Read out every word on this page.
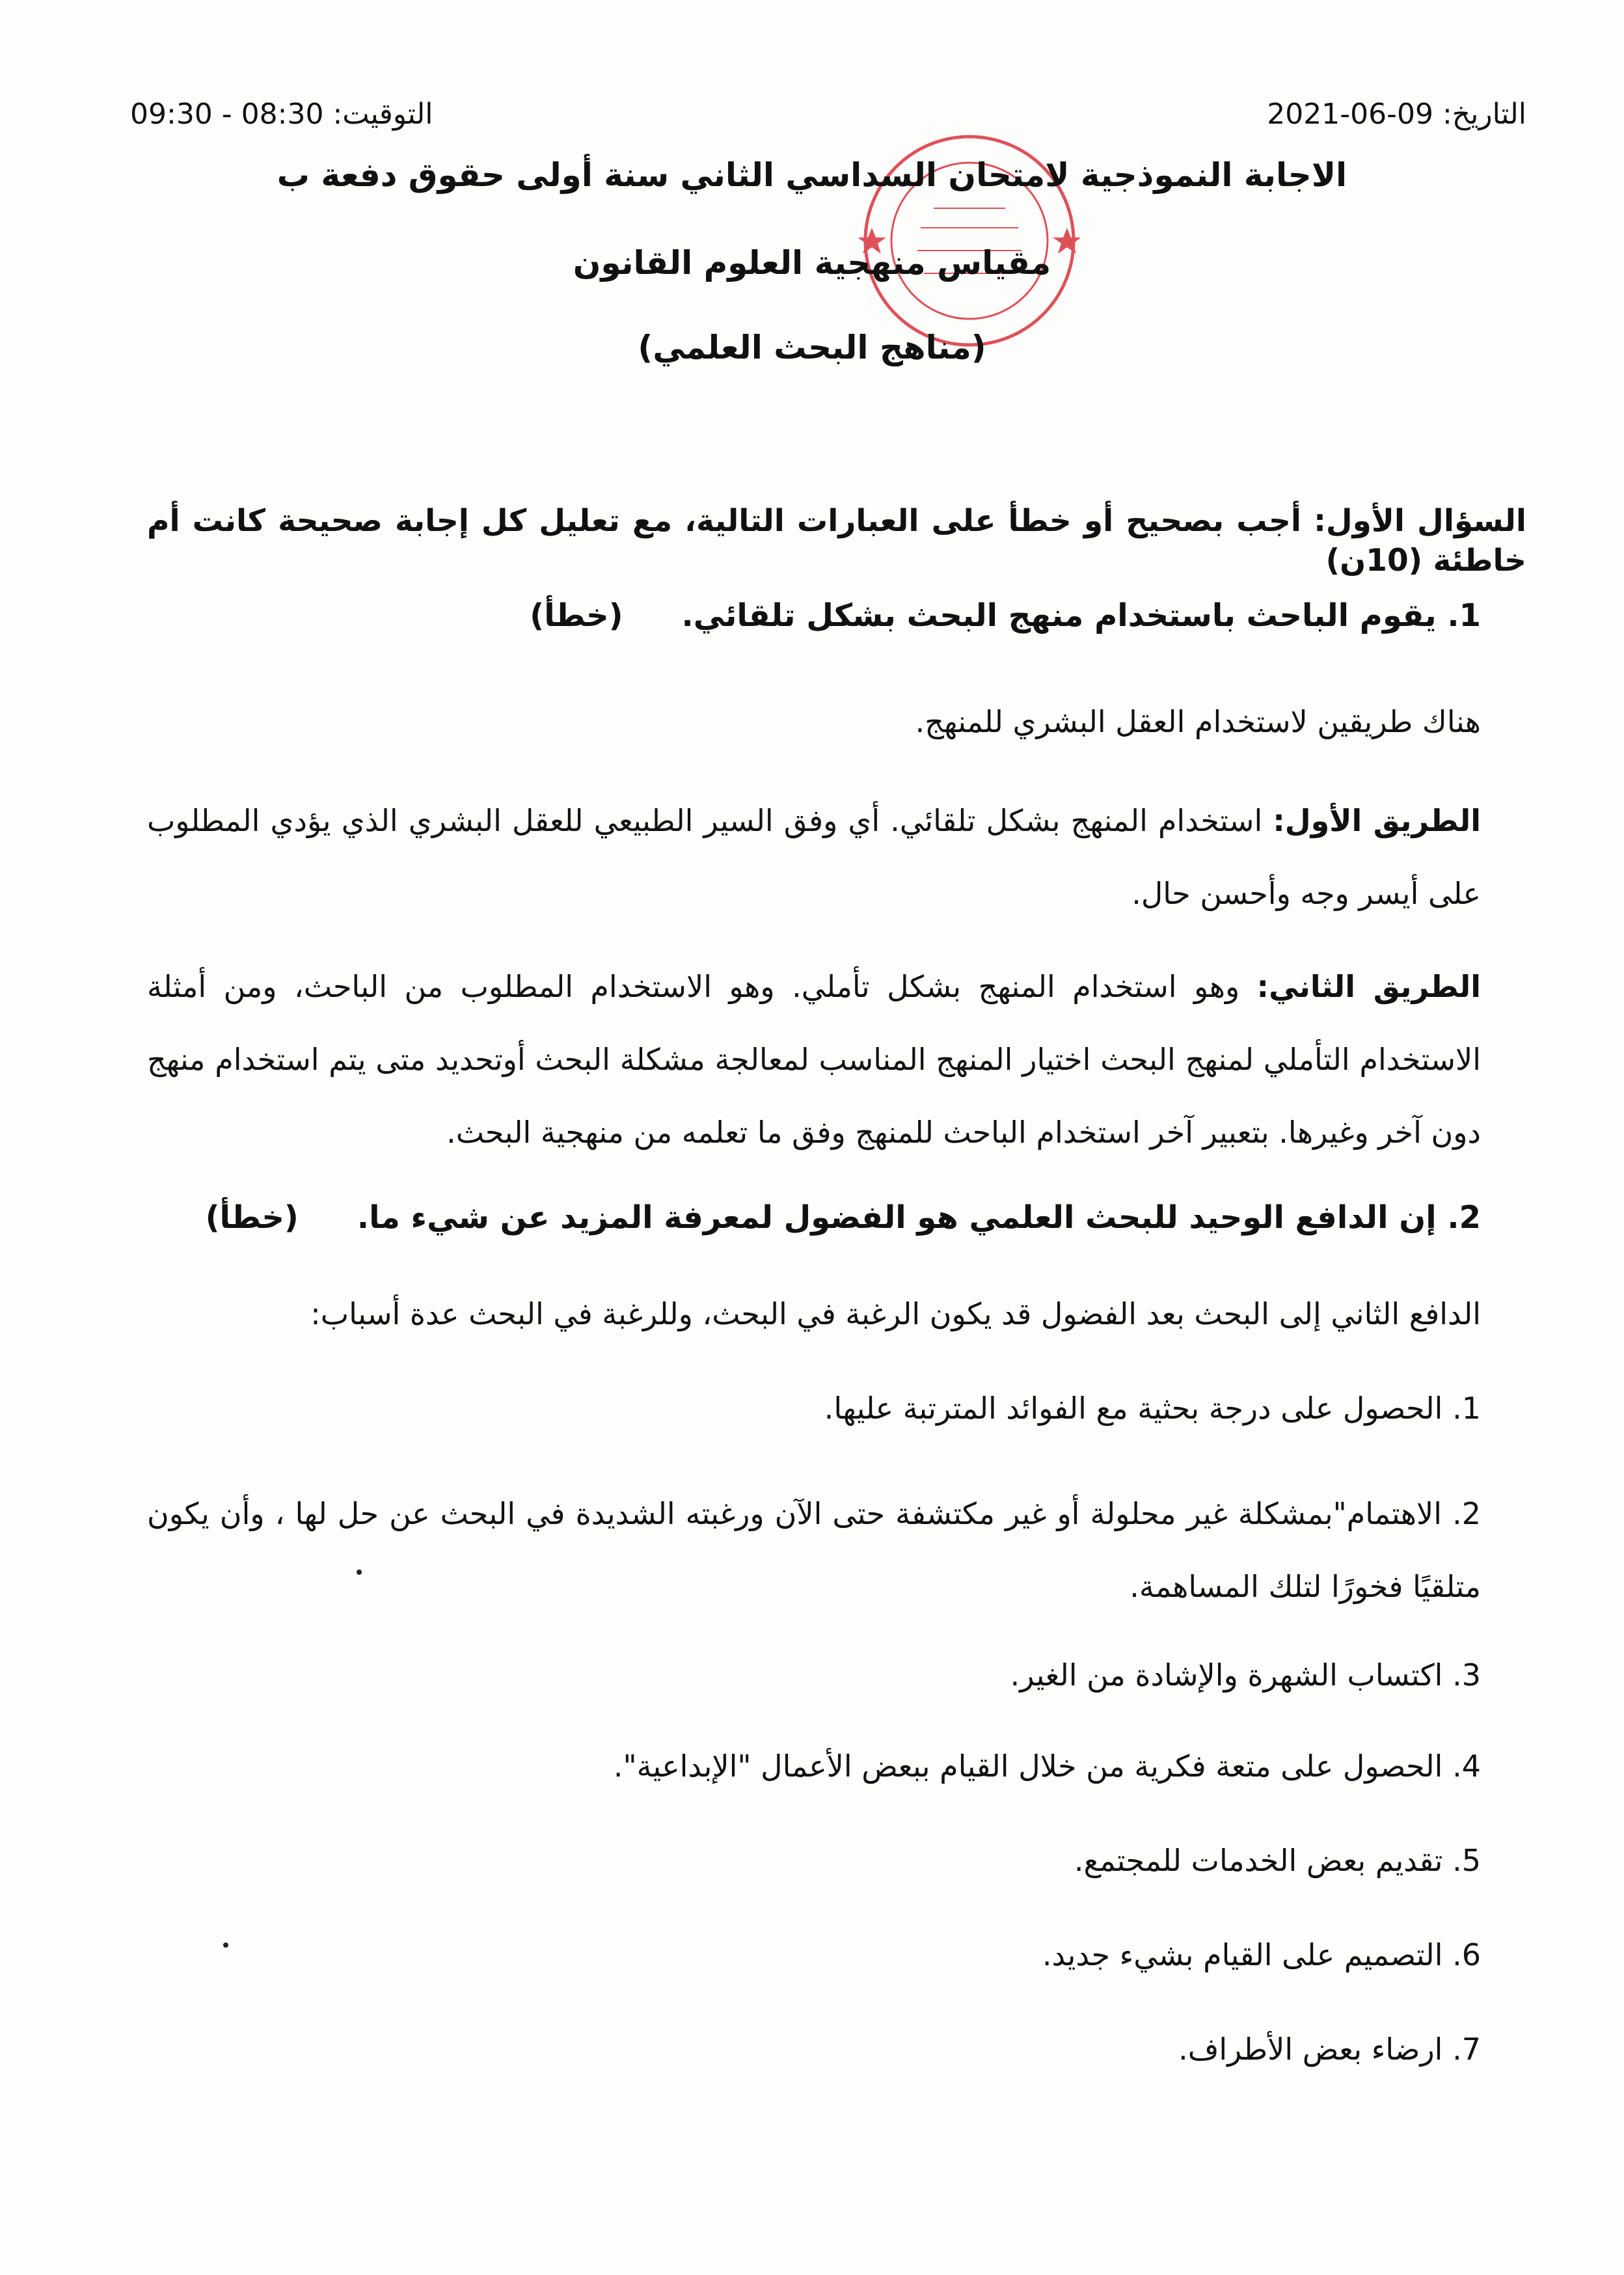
التاريخ: 09-06-2021
التوقيت: 08:30 - 09:30
الاجابة النموذجية لامتحان السداسي الثاني سنة أولى حقوق دفعة ب
مقياس منهجية العلوم القانون
(مناهج البحث العلمي)
السؤال الأول: أجب بصحيح أو خطأ على العبارات التالية، مع تعليل كل إجابة صحيحة كانت أم خاطئة (10ن)
1. يقوم الباحث باستخدام منهج البحث بشكل تلقائي.(خطأ)
هناك طريقين لاستخدام العقل البشري للمنهج.
الطريق الأول: استخدام المنهج بشكل تلقائي. أي وفق السير الطبيعي للعقل البشري الذي يؤدي المطلوب على أيسر وجه وأحسن حال.
الطريق الثاني: وهو استخدام المنهج بشكل تأملي. وهو الاستخدام المطلوب من الباحث، ومن أمثلة الاستخدام التأملي لمنهج البحث اختيار المنهج المناسب لمعالجة مشكلة البحث أوتحديد متى يتم استخدام منهج دون آخر وغيرها. بتعبير آخر استخدام الباحث للمنهج وفق ما تعلمه من منهجية البحث.
2. إن الدافع الوحيد للبحث العلمي هو الفضول لمعرفة المزيد عن شيء ما.(خطأ)
الدافع الثاني إلى البحث بعد الفضول قد يكون الرغبة في البحث، وللرغبة في البحث عدة أسباب:
1. الحصول على درجة بحثية مع الفوائد المترتبة عليها.
2. الاهتمام"بمشكلة غير محلولة أو غير مكتشفة حتى الآن ورغبته الشديدة في البحث عن حل لها ، وأن يكون متلقيًا فخورًا لتلك المساهمة.
3. اكتساب الشهرة والإشادة من الغير.
4. الحصول على متعة فكرية من خلال القيام ببعض الأعمال "الإبداعية".
5. تقديم بعض الخدمات للمجتمع.
6. التصميم على القيام بشيء جديد.
7. ارضاء بعض الأطراف.
